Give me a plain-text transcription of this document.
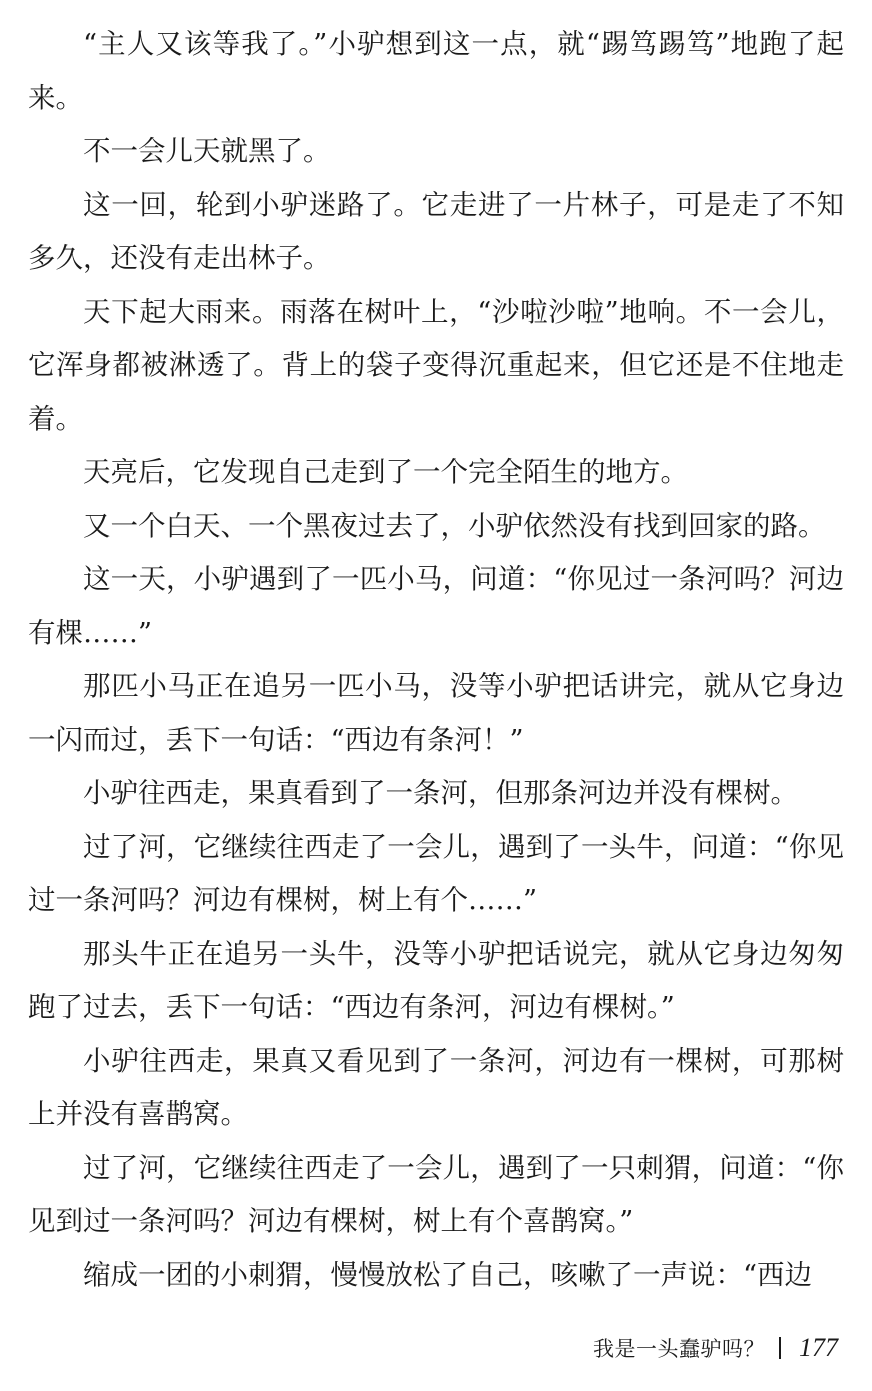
“主人又该等我了。”小驴想到这一点，就“踢笃踢笃”地跑了起来。

不一会儿天就黑了。

这一回，轮到小驴迷路了。它走进了一片林子，可是走了不知多久，还没有走出林子。

天下起大雨来。雨落在树叶上，“沙啦沙啦”地响。不一会儿，它浑身都被淋透了。背上的袋子变得沉重起来，但它还是不住地走着。

天亮后，它发现自己走到了一个完全陌生的地方。

又一个白天、一个黑夜过去了，小驴依然没有找到回家的路。

这一天，小驴遇到了一匹小马，问道：“你见过一条河吗？河边有棵……”

那匹小马正在追另一匹小马，没等小驴把话讲完，就从它身边一闪而过，丢下一句话：“西边有条河！”

小驴往西走，果真看到了一条河，但那条河边并没有棵树。

过了河，它继续往西走了一会儿，遇到了一头牛，问道：“你见过一条河吗？河边有棵树，树上有个……”

那头牛正在追另一头牛，没等小驴把话说完，就从它身边匆匆跑了过去，丢下一句话：“西边有条河，河边有棵树。”

小驴往西走，果真又看见到了一条河，河边有一棵树，可那树上并没有喜鹊窝。

过了河，它继续往西走了一会儿，遇到了一只刺猬，问道：“你见到过一条河吗？河边有棵树，树上有个喜鹊窝。”

缩成一团的小刺猬，慢慢放松了自己，咳嗽了一声说：“西边

我是一头蠢驴吗？ 177
